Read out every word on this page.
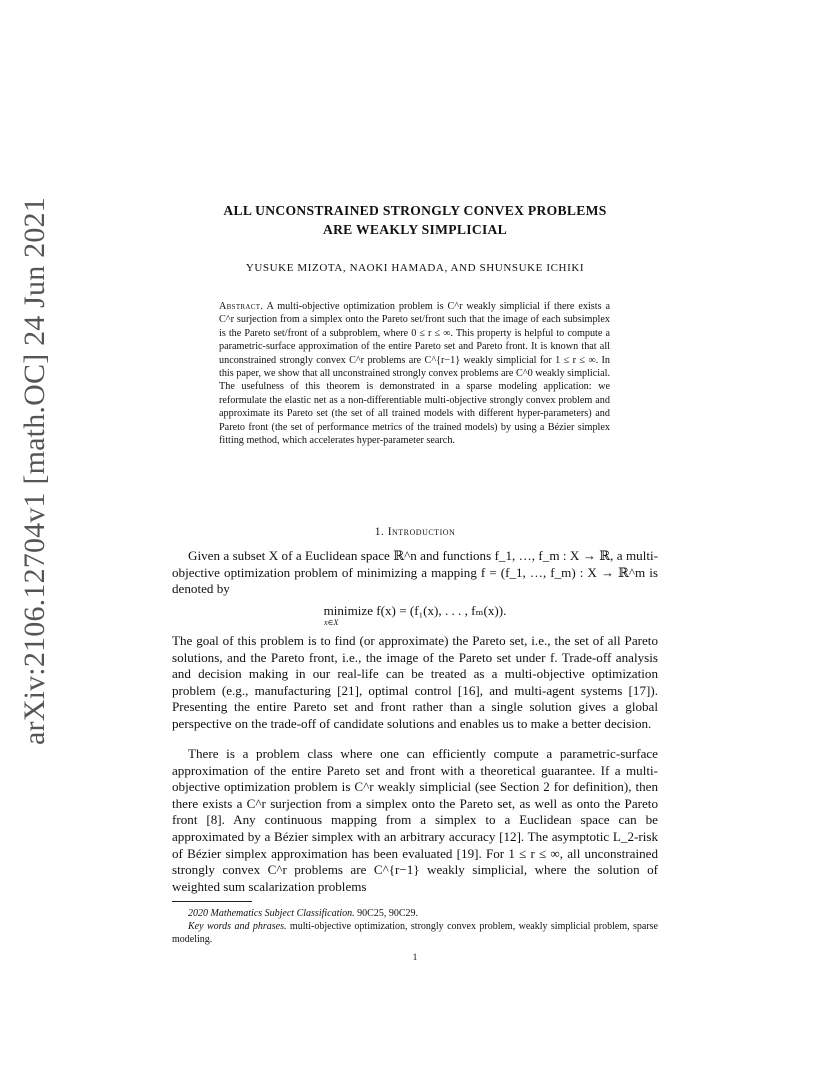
arXiv:2106.12704v1 [math.OC] 24 Jun 2021	ALL UNCONSTRAINED STRONGLY CONVEX PROBLEMS
ARE WEAKLY SIMPLICIAL
YUSUKE MIZOTA, NAOKI HAMADA, AND SHUNSUKE ICHIKI
Abstract. A multi-objective optimization problem is C^r weakly simplicial if there exists a C^r surjection from a simplex onto the Pareto set/front such that the image of each subsimplex is the Pareto set/front of a subproblem, where 0 ≤ r ≤ ∞. This property is helpful to compute a parametric-surface approximation of the entire Pareto set and Pareto front. It is known that all unconstrained strongly convex C^r problems are C^{r−1} weakly simplicial for 1 ≤ r ≤ ∞. In this paper, we show that all unconstrained strongly convex problems are C^0 weakly simplicial. The usefulness of this theorem is demonstrated in a sparse modeling application: we reformulate the elastic net as a non-differentiable multi-objective strongly convex problem and approximate its Pareto set (the set of all trained models with different hyper-parameters) and Pareto front (the set of performance metrics of the trained models) by using a Bézier simplex fitting method, which accelerates hyper-parameter search.
1. Introduction
Given a subset X of a Euclidean space ℝ^n and functions f_1, …, f_m : X → ℝ, a multi-objective optimization problem of minimizing a mapping f = (f_1, …, f_m) : X → ℝ^m is denoted by
minimize f(x) = (f₁(x), . . . , fₘ(x)).
x∈X
The goal of this problem is to find (or approximate) the Pareto set, i.e., the set of all Pareto solutions, and the Pareto front, i.e., the image of the Pareto set under f. Trade-off analysis and decision making in our real-life can be treated as a multi-objective optimization problem (e.g., manufacturing [21], optimal control [16], and multi-agent systems [17]). Presenting the entire Pareto set and front rather than a single solution gives a global perspective on the trade-off of candidate solutions and enables us to make a better decision.
There is a problem class where one can efficiently compute a parametric-surface approximation of the entire Pareto set and front with a theoretical guarantee. If a multi-objective optimization problem is C^r weakly simplicial (see Section 2 for definition), then there exists a C^r surjection from a simplex onto the Pareto set, as well as onto the Pareto front [8]. Any continuous mapping from a simplex to a Euclidean space can be approximated by a Bézier simplex with an arbitrary accuracy [12]. The asymptotic L_2-risk of Bézier simplex approximation has been evaluated [19]. For 1 ≤ r ≤ ∞, all unconstrained strongly convex C^r problems are C^{r−1} weakly simplicial, where the solution of weighted sum scalarization problems
2020 Mathematics Subject Classification. 90C25, 90C29.
Key words and phrases. multi-objective optimization, strongly convex problem, weakly simplicial problem, sparse modeling.
1
